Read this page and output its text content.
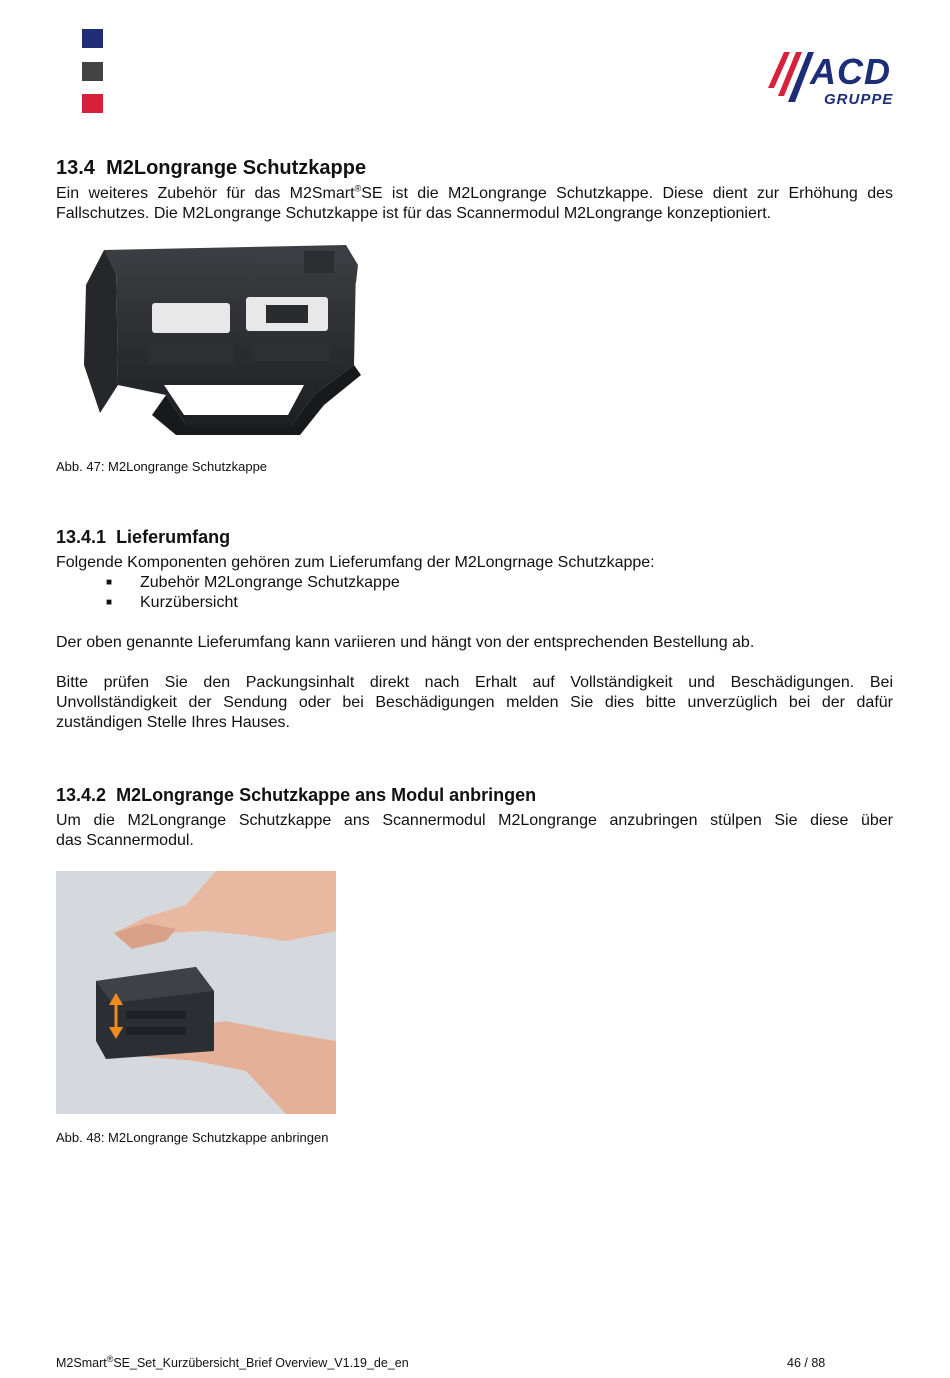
ACD
GRUPPE
13.4 M2Longrange Schutzkappe

Ein weiteres Zubehör für das M2Smart®SE ist die M2Longrange Schutzkappe. Diese dient zur Erhöhung des

Fallschutzes. Die M2Longrange Schutzkappe ist für das Scannermodul M2Longrange konzeptioniert.

Abb. 47: M2Longrange Schutzkappe
13.4.1 Lieferumfang

Folgende Komponenten gehören zum Lieferumfang der M2Longrnage Schutzkappe:

■ Zubehör M2Longrange Schutzkappe
■ Kurzübersicht

Der oben genannte Lieferumfang kann variieren und hängt von der entsprechenden Bestellung ab.

Bitte prüfen Sie den Packungsinhalt direkt nach Erhalt auf Vollständigkeit und Beschädigungen. Bei

Unvollständigkeit der Sendung oder bei Beschädigungen melden Sie dies bitte unverzüglich bei der dafür

zuständigen Stelle Ihres Hauses.

13.4.2 M2Longrange Schutzkappe ans Modul anbringen

Um die M2Longrange Schutzkappe ans Scannermodul M2Longrange anzubringen stülpen Sie diese über

das Scannermodul.

Abb. 48: M2Longrange Schutzkappe anbringen
M2Smart®SE_Set_Kurzübersicht_Brief Overview_V1.19_de_en	46 / 88
